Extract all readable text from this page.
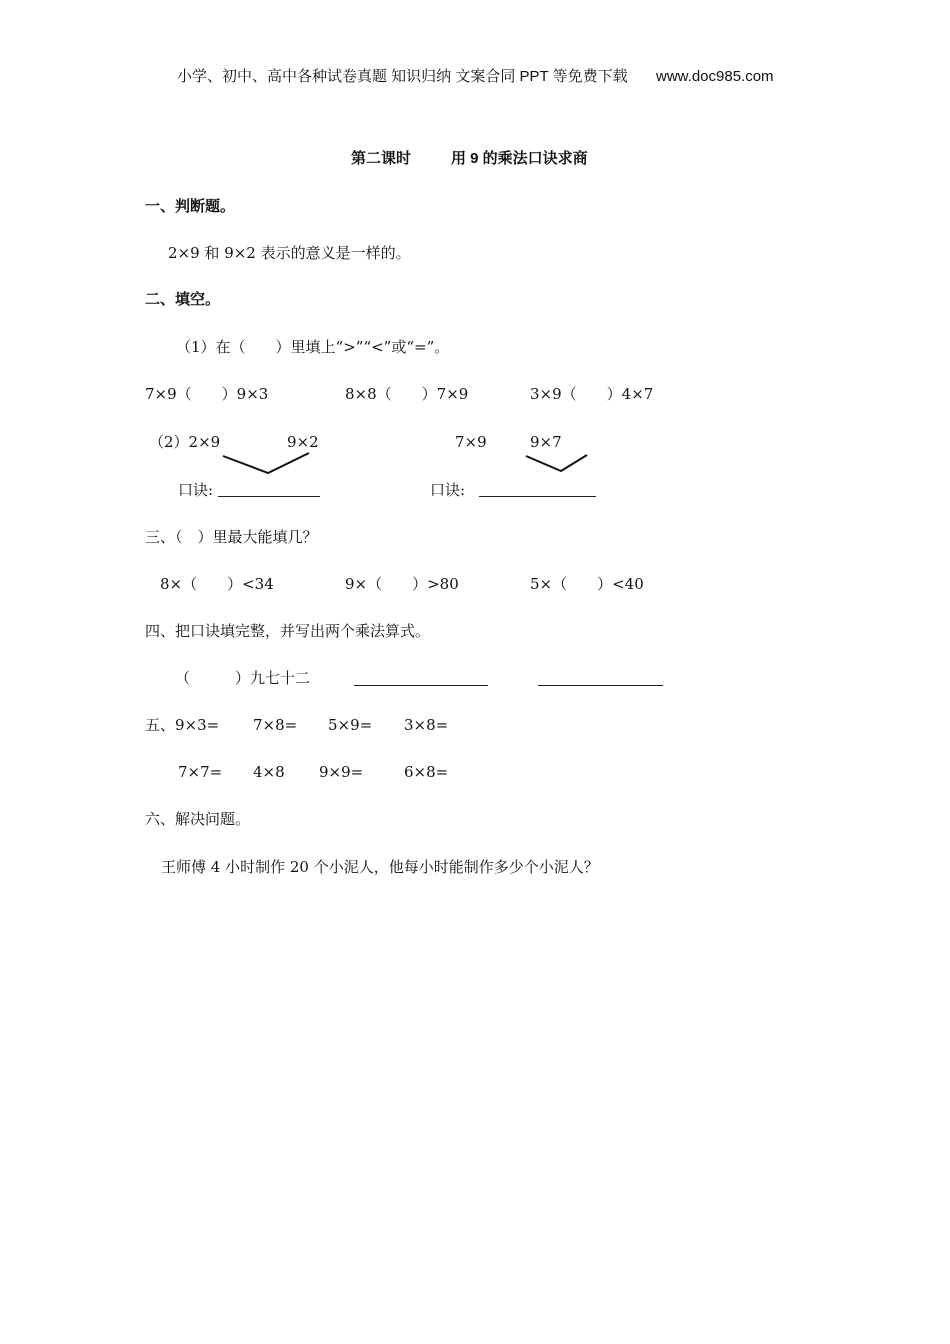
小学、初中、高中各种试卷真题 知识归纳 文案合同 PPT 等免费下载 www.doc985.com
第二课时	用 9 的乘法口诀求商
一、判断题。
2×9 和 9×2 表示的意义是一样的。
二、填空。
（1）在（　　）里填上“>”“<”或“=”。
7×9（　　）9×3	8×8（　　）7×9	3×9（　　）4×7
（2）2×9	9×2	7×9	9×7
口诀:	口诀:
三、（　）里最大能填几？
8×（　　）<34	9×（　　）>80	5×（　　）<40
四、把口诀填完整，并写出两个乘法算式。
（　　　）九七十二
五、9×3= 7×8= 5×9= 3×8=
7×7= 4×8 9×9=	6×8=
六、解决问题。
王师傅 4 小时制作 20 个小泥人，他每小时能制作多少个小泥人？
